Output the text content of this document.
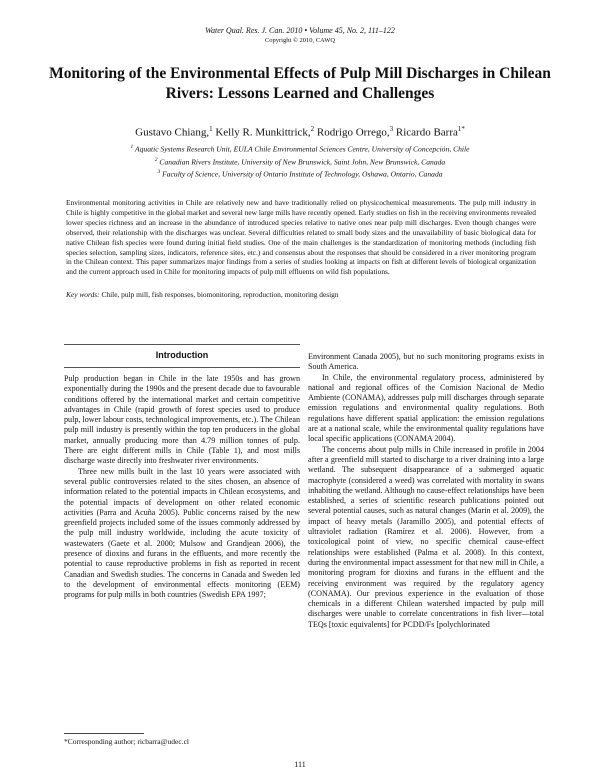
Water Qual. Res. J. Can. 2010 • Volume 45, No. 2, 111–122
Copyright © 2010, CAWQ
Monitoring of the Environmental Effects of Pulp Mill Discharges in Chilean Rivers: Lessons Learned and Challenges
Gustavo Chiang,$^1$ Kelly R. Munkittrick,$^2$ Rodrigo Orrego,$^3$ Ricardo Barra$^{1*}$
$^1$ Aquatic Systems Research Unit, EULA Chile Environmental Sciences Centre, University of Concepción, Chile
$^2$ Canadian Rivers Institute, University of New Brunswick, Saint John, New Brunswick, Canada
$^3$ Faculty of Science, University of Ontario Institute of Technology, Oshawa, Ontario, Canada
Environmental monitoring activities in Chile are relatively new and have traditionally relied on physicochemical measurements. The pulp mill industry in Chile is highly competitive in the global market and several new large mills have recently opened. Early studies on fish in the receiving environments revealed lower species richness and an increase in the abundance of introduced species relative to native ones near pulp mill discharges. Even though changes were observed, their relationship with the discharges was unclear. Several difficulties related to small body sizes and the unavailability of basic biological data for native Chilean fish species were found during initial field studies. One of the main challenges is the standardization of monitoring methods (including fish species selection, sampling sizes, indicators, reference sites, etc.) and consensus about the responses that should be considered in a river monitoring program in the Chilean context. This paper summarizes major findings from a series of studies looking at impacts on fish at different levels of biological organization and the current approach used in Chile for monitoring impacts of pulp mill effluents on wild fish populations.
Key words: Chile, pulp mill, fish responses, biomonitoring, reproduction, monitoring design
Introduction

Pulp production began in Chile in the late 1950s and has grown exponentially during the 1990s and the present decade due to favourable conditions offered by the international market and certain competitive advantages in Chile (rapid growth of forest species used to produce pulp, lower labour costs, technological improvements, etc.). The Chilean pulp mill industry is presently within the top ten producers in the global market, annually producing more than 4.79 million tonnes of pulp. There are eight different mills in Chile (Table 1), and most mills discharge waste directly into freshwater river environments.

Three new mills built in the last 10 years were associated with several public controversies related to the sites chosen, an absence of information related to the potential impacts in Chilean ecosystems, and the potential impacts of development on other related economic activities (Parra and Acuña 2005). Public concerns raised by the new greenfield projects included some of the issues commonly addressed by the pulp mill industry worldwide, including the acute toxicity of wastewaters (Gaete et al. 2000; Mulsow and Grandjean 2006), the presence of dioxins and furans in the effluents, and more recently the potential to cause reproductive problems in fish as reported in recent Canadian and Swedish studies. The concerns in Canada and Sweden led to the development of environmental effects monitoring (EEM) programs for pulp mills in both countries (Swedish EPA 1997;

Environment Canada 2005), but no such monitoring programs exists in South America.

In Chile, the environmental regulatory process, administered by national and regional offices of the Comision Nacional de Medio Ambiente (CONAMA), addresses pulp mill discharges through separate emission regulations and environmental quality regulations. Both regulations have different spatial application: the emission regulations are at a national scale, while the environmental quality regulations have local specific applications (CONAMA 2004).

The concerns about pulp mills in Chile increased in profile in 2004 after a greenfield mill started to discharge to a river draining into a large wetland. The subsequent disappearance of a submerged aquatic macrophyte (considered a weed) was correlated with mortality in swans inhabiting the wetland. Although no cause-effect relationships have been established, a series of scientific research publications pointed out several potential causes, such as natural changes (Marin et al. 2009), the impact of heavy metals (Jaramillo 2005), and potential effects of ultraviolet radiation (Ramírez et al. 2006). However, from a toxicological point of view, no specific chemical cause-effect relationships were established (Palma et al. 2008). In this context, during the environmental impact assessment for that new mill in Chile, a monitoring program for dioxins and furans in the effluent and the receiving environment was required by the regulatory agency (CONAMA). Our previous experience in the evaluation of those chemicals in a different Chilean watershed impacted by pulp mill discharges were unable to correlate concentrations in fish liver—total TEQs [toxic equivalents] for PCDD/Fs [polychlorinated

*Corresponding author; ricbarra@udec.cl
111
